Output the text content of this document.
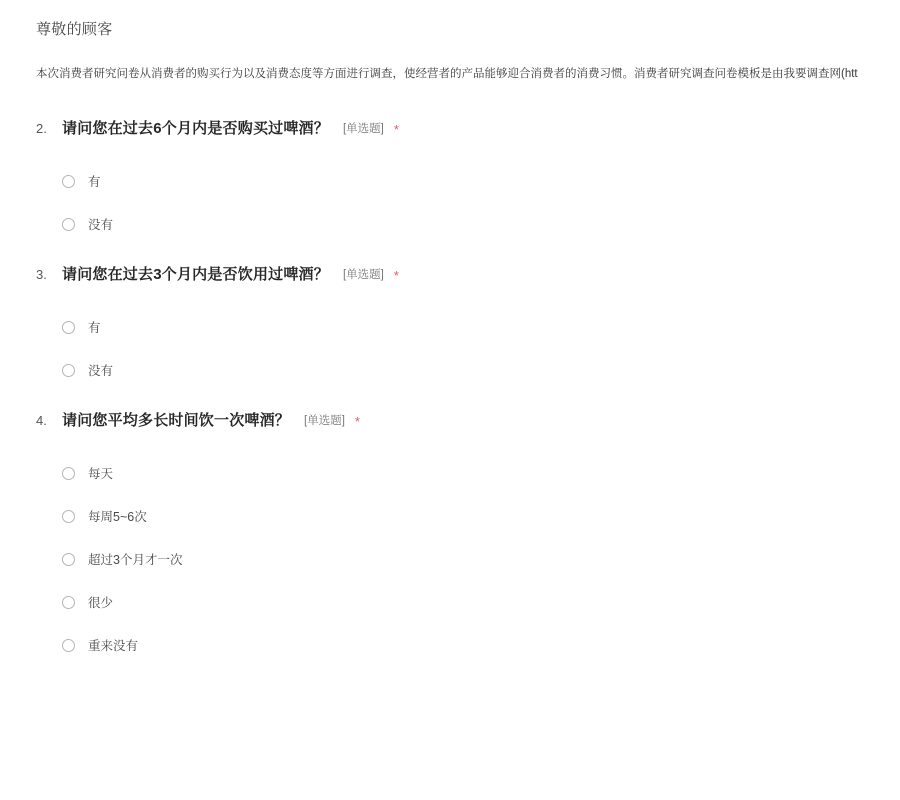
尊敬的顾客

本次消费者研究问卷从消费者的购买行为以及消费态度等方面进行调查，使经营者的产品能够迎合消费者的消费习惯。消费者研究调查问卷模板是由我要调查网(htt

2.	请问您在过去6个月内是否购买过啤酒？ [单选题] *
有
没有
3.	请问您在过去3个月内是否饮用过啤酒？ [单选题] *
有
没有
4.	请问您平均多长时间饮一次啤酒？ [单选题] *
每天
每周5~6次
超过3个月才一次
很少
重来没有
